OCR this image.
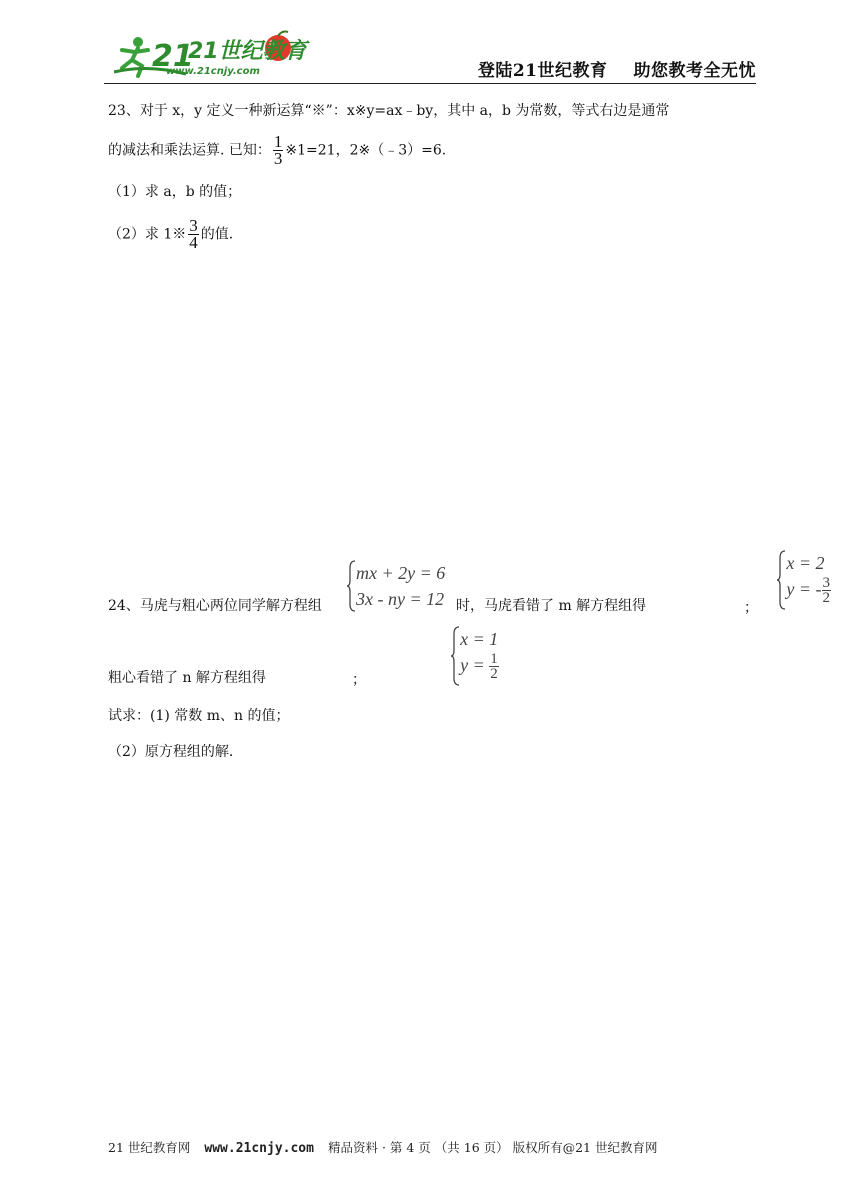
21
21世纪教育
www.21cnjy.com	登陆21世纪教育 助您教考全无忧
23、对于 x，y 定义一种新运算“※”：x※y=ax﹣by，其中 a，b 为常数，等式右边是通常
的减法和乘法运算. 已知： $\frac{1}{3}$ ※1=21，2※（﹣3）=6.
（1）求 a，b 的值；
（2）求 1※ $\frac{3}{4}$ 的值.
24、马虎与粗心两位同学解方程组
mx + 2y = 6
3x - ny = 12
时，马虎看错了 m 解方程组得
x = 2
y = - $\frac{3}{2}$

；
粗心看错了 n 解方程组得
x = 1
$y = \frac{1}{2}$
；
试求：(1) 常数 m、n 的值；
（2）原方程组的解.
21 世纪教育网 www.21cnjy.com 精品资料 · 第 4 页 （共 16 页） 版权所有@21 世纪教育网
